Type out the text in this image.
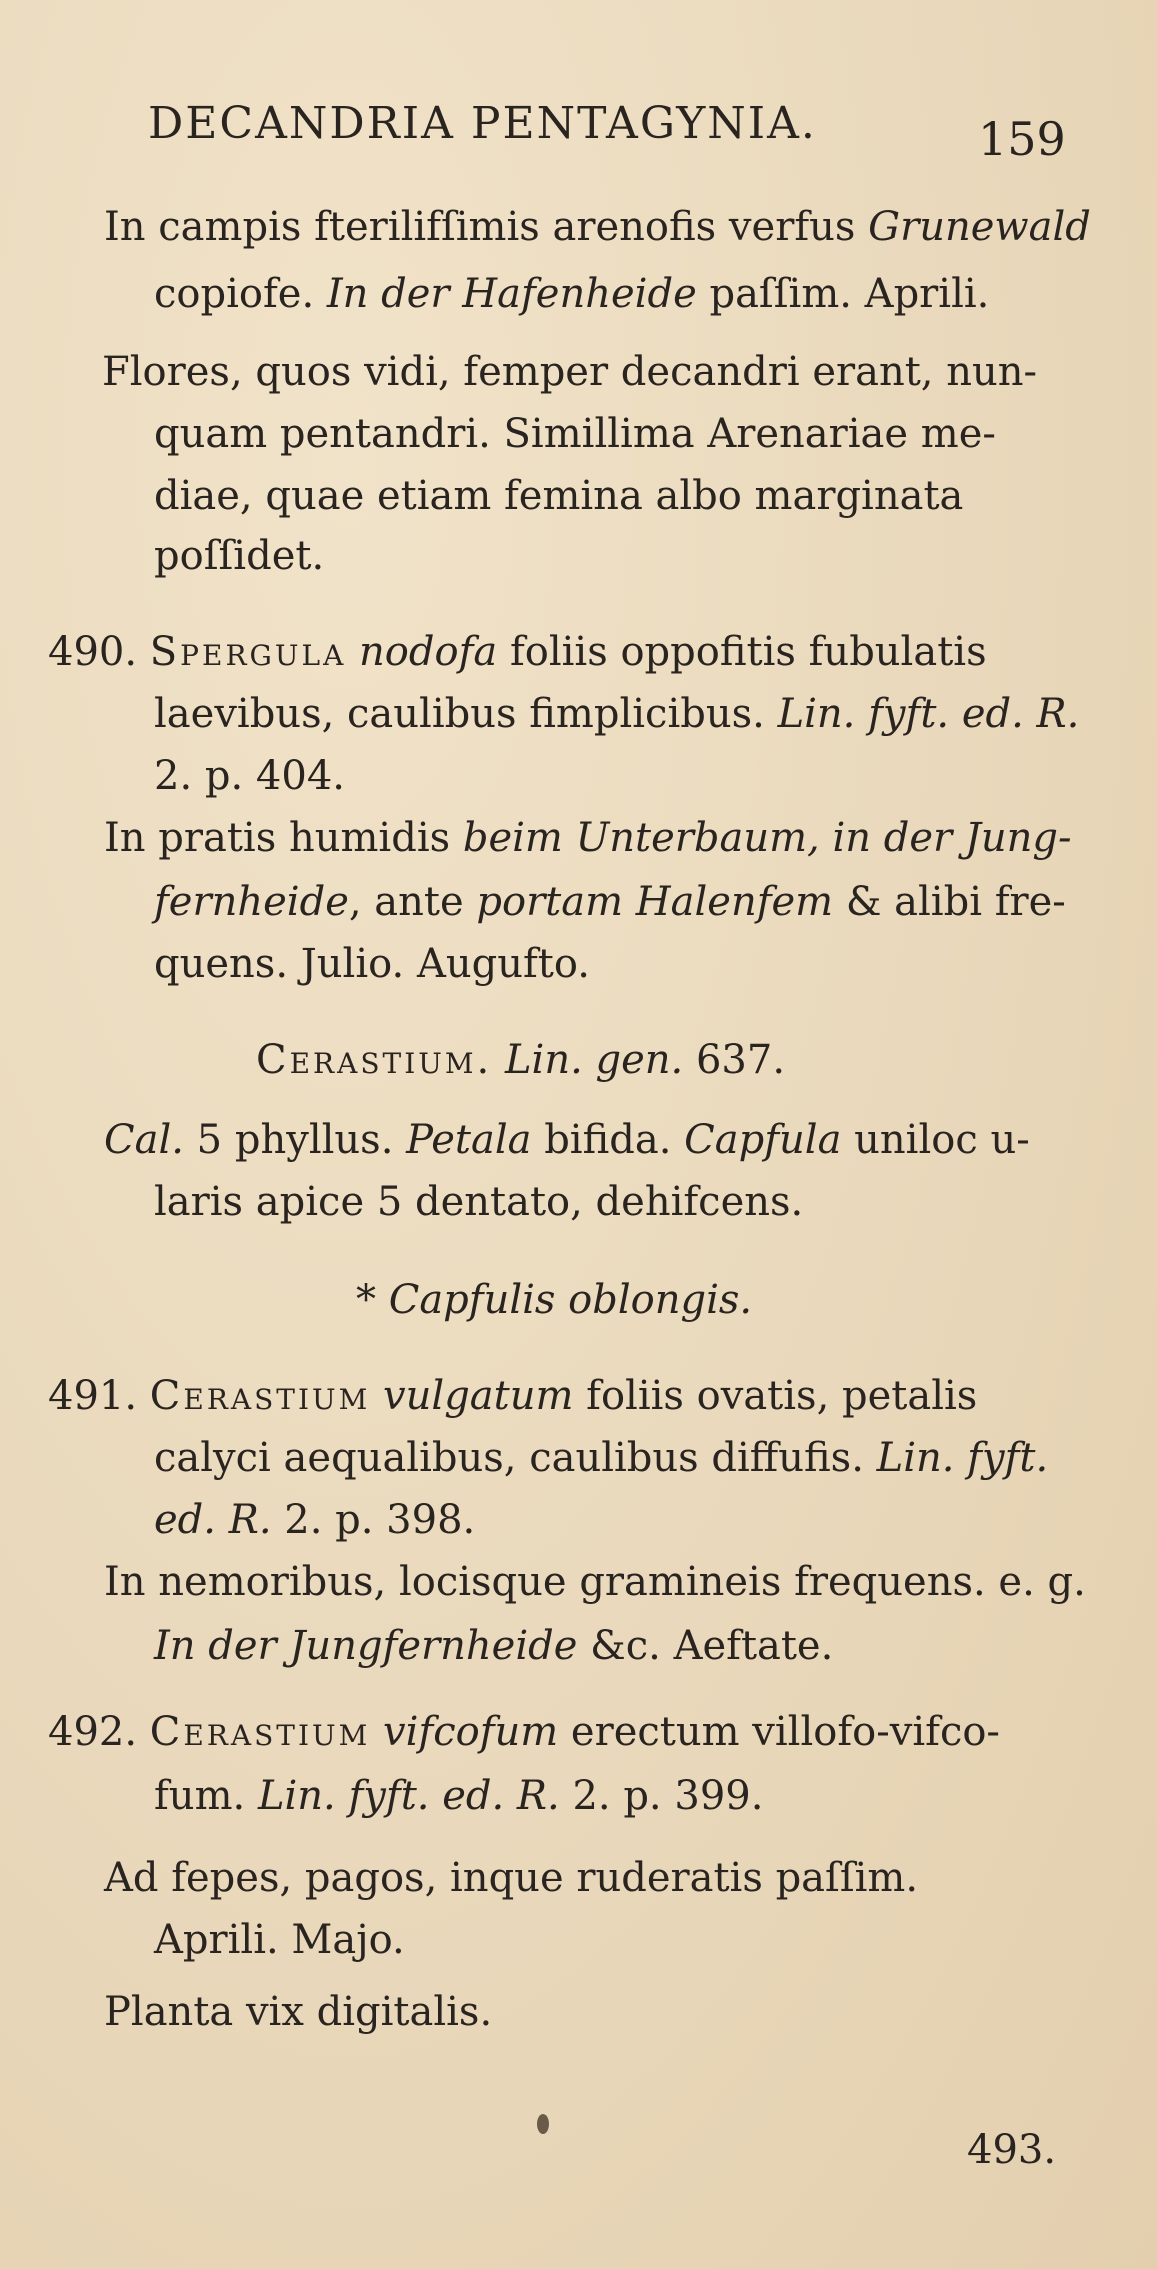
DECANDRIA PENTAGYNIA.	159
In campis fterilifſimis arenofis verfus Grunewald
copiofe. In der Hafenheide paſſim. Aprili.
Flores, quos vidi, femper decandri erant, nun-
quam pentandri. Simillima Arenariae me-
diae, quae etiam femina albo marginata
poſſidet.
490. Spergula nodofa foliis oppofitis fubulatis
laevibus, caulibus fimplicibus. Lin. fyft. ed. R.
2. p. 404.
In pratis humidis beim Unterbaum, in der Jung-
fernheide, ante portam Halenfem & alibi fre-
quens. Julio. Augufto.
Cerastium. Lin. gen. 637.
Cal. 5 phyllus. Petala bifida. Capfula uniloc u-
laris apice 5 dentato, dehifcens.
* Capfulis oblongis.
491. Cerastium vulgatum foliis ovatis, petalis
calyci aequalibus, caulibus diffufis. Lin. fyft.
ed. R. 2. p. 398.
In nemoribus, locisque gramineis frequens. e. g.
In der Jungfernheide &c. Aeftate.
492. Cerastium vifcofum erectum villofo-vifco-
fum. Lin. fyft. ed. R. 2. p. 399.
Ad fepes, pagos, inque ruderatis paſſim.
Aprili. Majo.
Planta vix digitalis.
493.
